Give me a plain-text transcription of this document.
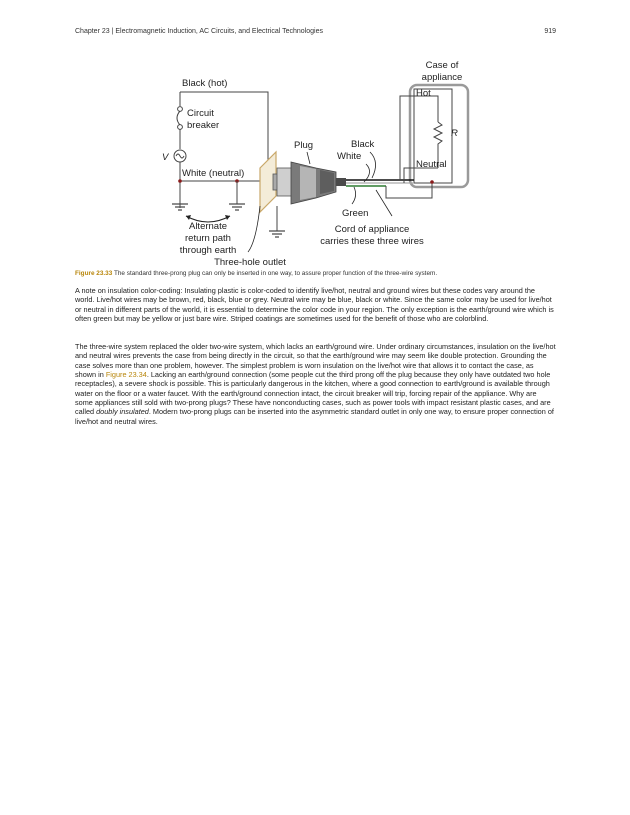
Chapter 23 | Electromagnetic Induction, AC Circuits, and Electrical Technologies	919
Case of
appliance
Black (hot)
Hot
Circuit
breaker
R
Plug	Black
White
V
White (neutral)
Neutral
Green
Alternate
return path
through earth
Cord of appliance
carries these three wires
Three-hole outlet
Figure 23.33 The standard three-prong plug can only be inserted in one way, to assure proper function of the three-wire system.

A note on insulation color-coding: Insulating plastic is color-coded to identify live/hot, neutral and ground wires but these codes vary around the world. Live/hot wires may be brown, red, black, blue or grey. Neutral wire may be blue, black or white. Since the same color may be used for live/hot or neutral in different parts of the world, it is essential to determine the color code in your region. The only exception is the earth/ground wire which is often green but may be yellow or just bare wire. Striped coatings are sometimes used for the benefit of those who are colorblind.

The three-wire system replaced the older two-wire system, which lacks an earth/ground wire. Under ordinary circumstances, insulation on the live/hot and neutral wires prevents the case from being directly in the circuit, so that the earth/ground wire may seem like double protection. Grounding the case solves more than one problem, however. The simplest problem is worn insulation on the live/hot wire that allows it to contact the case, as shown in Figure 23.34. Lacking an earth/ground connection (some people cut the third prong off the plug because they only have outdated two hole receptacles), a severe shock is possible. This is particularly dangerous in the kitchen, where a good connection to earth/ground is available through water on the floor or a water faucet. With the earth/ground connection intact, the circuit breaker will trip, forcing repair of the appliance. Why are some appliances still sold with two-prong plugs? These have nonconducting cases, such as power tools with impact resistant plastic cases, and are called doubly insulated. Modern two-prong plugs can be inserted into the asymmetric standard outlet in only one way, to ensure proper connection of live/hot and neutral wires.
